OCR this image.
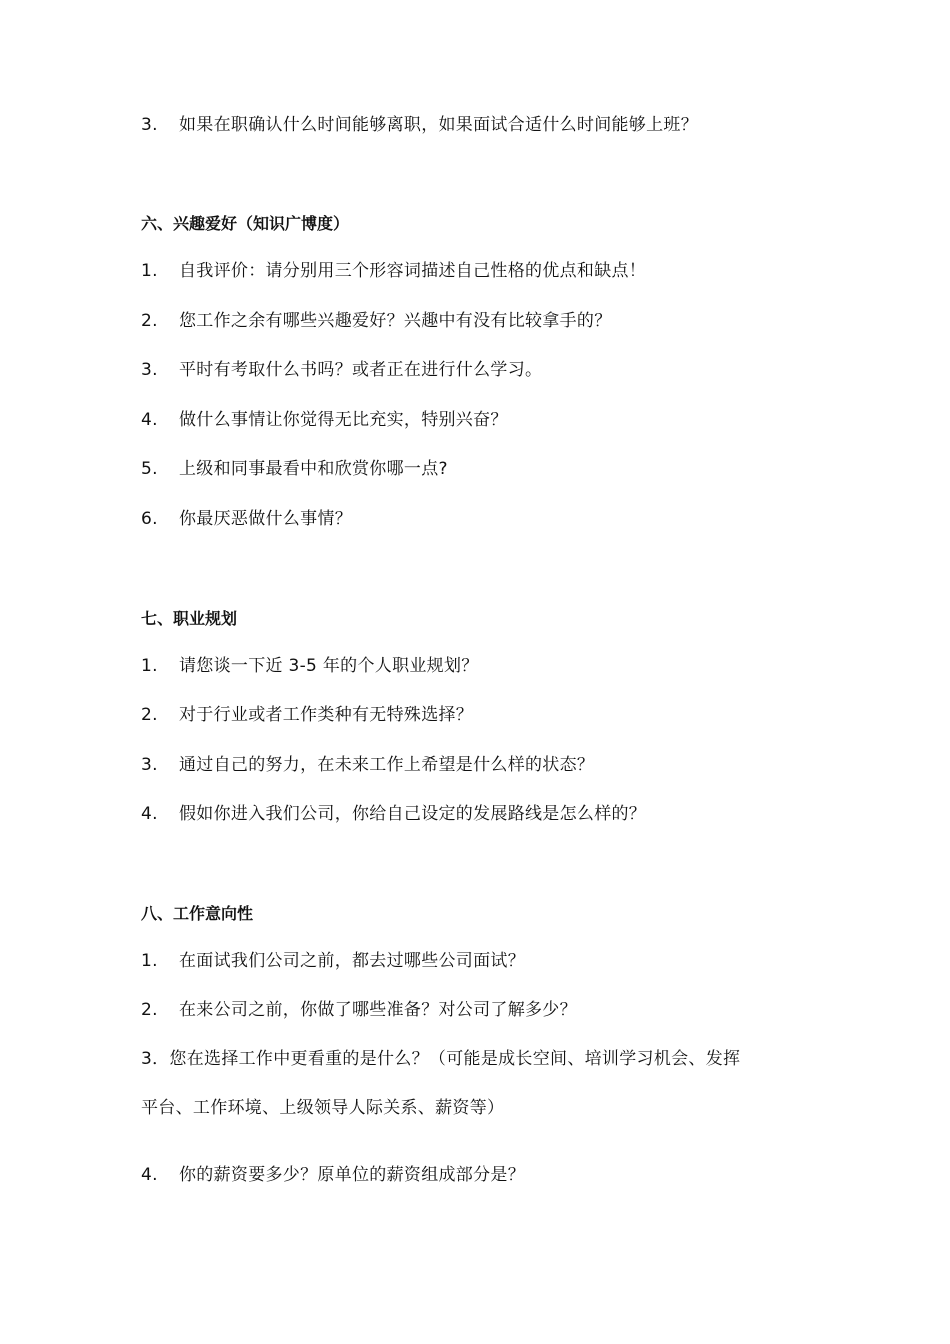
3. 如果在职确认什么时间能够离职，如果面试合适什么时间能够上班？
六、兴趣爱好（知识广博度）
1. 自我评价：请分别用三个形容词描述自己性格的优点和缺点！
2. 您工作之余有哪些兴趣爱好？兴趣中有没有比较拿手的？
3. 平时有考取什么书吗？或者正在进行什么学习。
4. 做什么事情让你觉得无比充实，特别兴奋？
5. 上级和同事最看中和欣赏你哪一点?
6. 你最厌恶做什么事情？
七、职业规划
1. 请您谈一下近 3-5 年的个人职业规划？
2. 对于行业或者工作类种有无特殊选择？
3. 通过自己的努力，在未来工作上希望是什么样的状态？
4. 假如你进入我们公司，你给自己设定的发展路线是怎么样的？
八、工作意向性
1. 在面试我们公司之前，都去过哪些公司面试？
2. 在来公司之前，你做了哪些准备？对公司了解多少？
3．您在选择工作中更看重的是什么？（可能是成长空间、培训学习机会、发挥
平台、工作环境、上级领导人际关系、薪资等）
4. 你的薪资要多少？原单位的薪资组成部分是？
